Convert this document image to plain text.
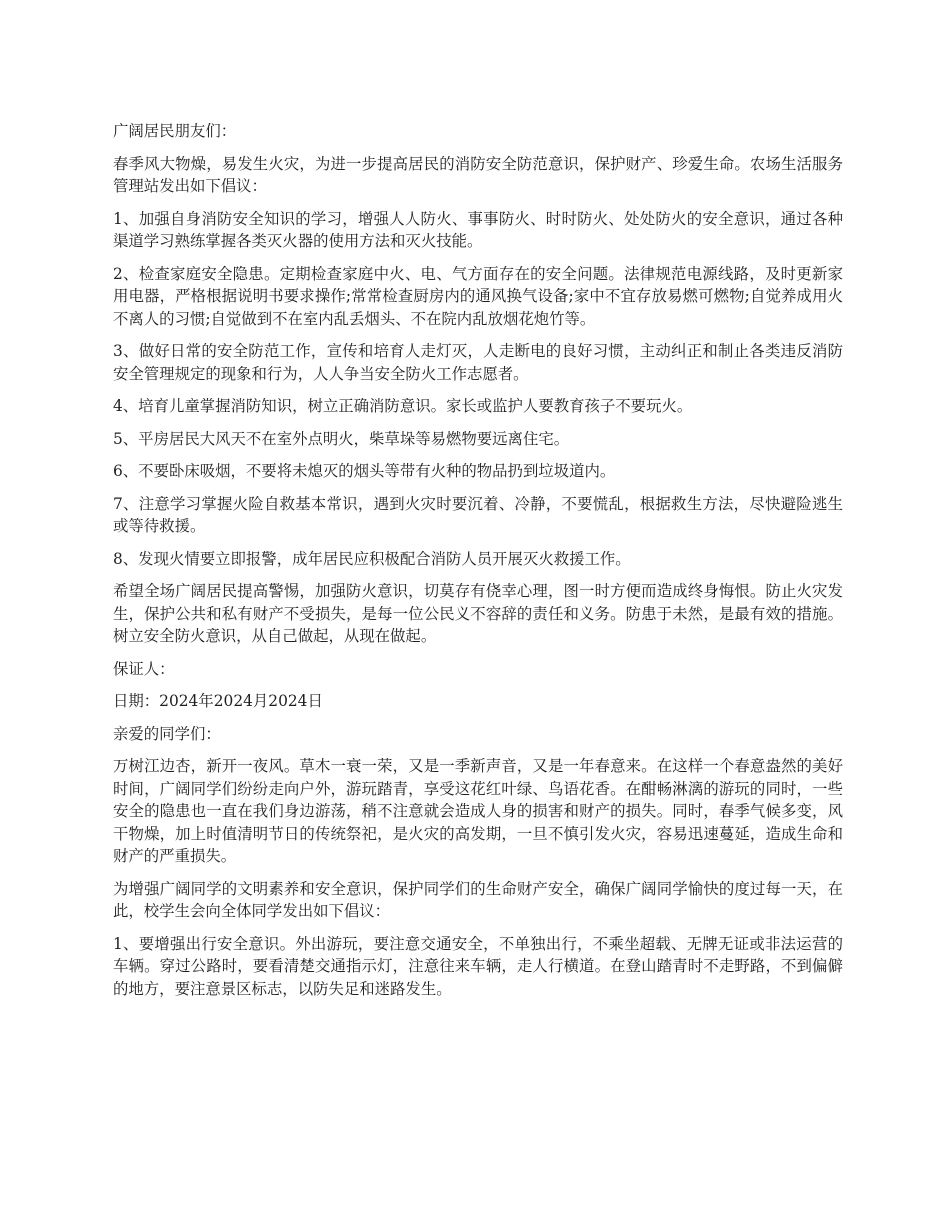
广阔居民朋友们：

春季风大物燥，易发生火灾，为进一步提高居民的消防安全防范意识，保护财产、珍爱生命。农场生活服务管理站发出如下倡议：

1、加强自身消防安全知识的学习，增强人人防火、事事防火、时时防火、处处防火的安全意识，通过各种渠道学习熟练掌握各类灭火器的使用方法和灭火技能。

2、检查家庭安全隐患。定期检查家庭中火、电、气方面存在的安全问题。法律规范电源线路，及时更新家用电器，严格根据说明书要求操作;常常检查厨房内的通风换气设备;家中不宜存放易燃可燃物;自觉养成用火不离人的习惯;自觉做到不在室内乱丢烟头、不在院内乱放烟花炮竹等。

3、做好日常的安全防范工作，宣传和培育人走灯灭，人走断电的良好习惯，主动纠正和制止各类违反消防安全管理规定的现象和行为，人人争当安全防火工作志愿者。

4、培育儿童掌握消防知识，树立正确消防意识。家长或监护人要教育孩子不要玩火。

5、平房居民大风天不在室外点明火，柴草垛等易燃物要远离住宅。

6、不要卧床吸烟，不要将未熄灭的烟头等带有火种的物品扔到垃圾道内。

7、注意学习掌握火险自救基本常识，遇到火灾时要沉着、冷静，不要慌乱，根据救生方法，尽快避险逃生或等待救援。

8、发现火情要立即报警，成年居民应积极配合消防人员开展灭火救援工作。

希望全场广阔居民提高警惕，加强防火意识，切莫存有侥幸心理，图一时方便而造成终身悔恨。防止火灾发生，保护公共和私有财产不受损失，是每一位公民义不容辞的责任和义务。防患于未然，是最有效的措施。树立安全防火意识，从自己做起，从现在做起。

保证人：

日期：2024年2024月2024日

亲爱的同学们：

万树江边杏，新开一夜风。草木一衰一荣，又是一季新声音，又是一年春意来。在这样一个春意盎然的美好时间，广阔同学们纷纷走向户外，游玩踏青，享受这花红叶绿、鸟语花香。在酣畅淋漓的游玩的同时，一些安全的隐患也一直在我们身边游荡，稍不注意就会造成人身的损害和财产的损失。同时，春季气候多变，风干物燥，加上时值清明节日的传统祭祀，是火灾的高发期，一旦不慎引发火灾，容易迅速蔓延，造成生命和财产的严重损失。

为增强广阔同学的文明素养和安全意识，保护同学们的生命财产安全，确保广阔同学愉快的度过每一天，在此，校学生会向全体同学发出如下倡议：

1、要增强出行安全意识。外出游玩，要注意交通安全，不单独出行，不乘坐超载、无牌无证或非法运营的车辆。穿过公路时，要看清楚交通指示灯，注意往来车辆，走人行横道。在登山踏青时不走野路，不到偏僻的地方，要注意景区标志，以防失足和迷路发生。
